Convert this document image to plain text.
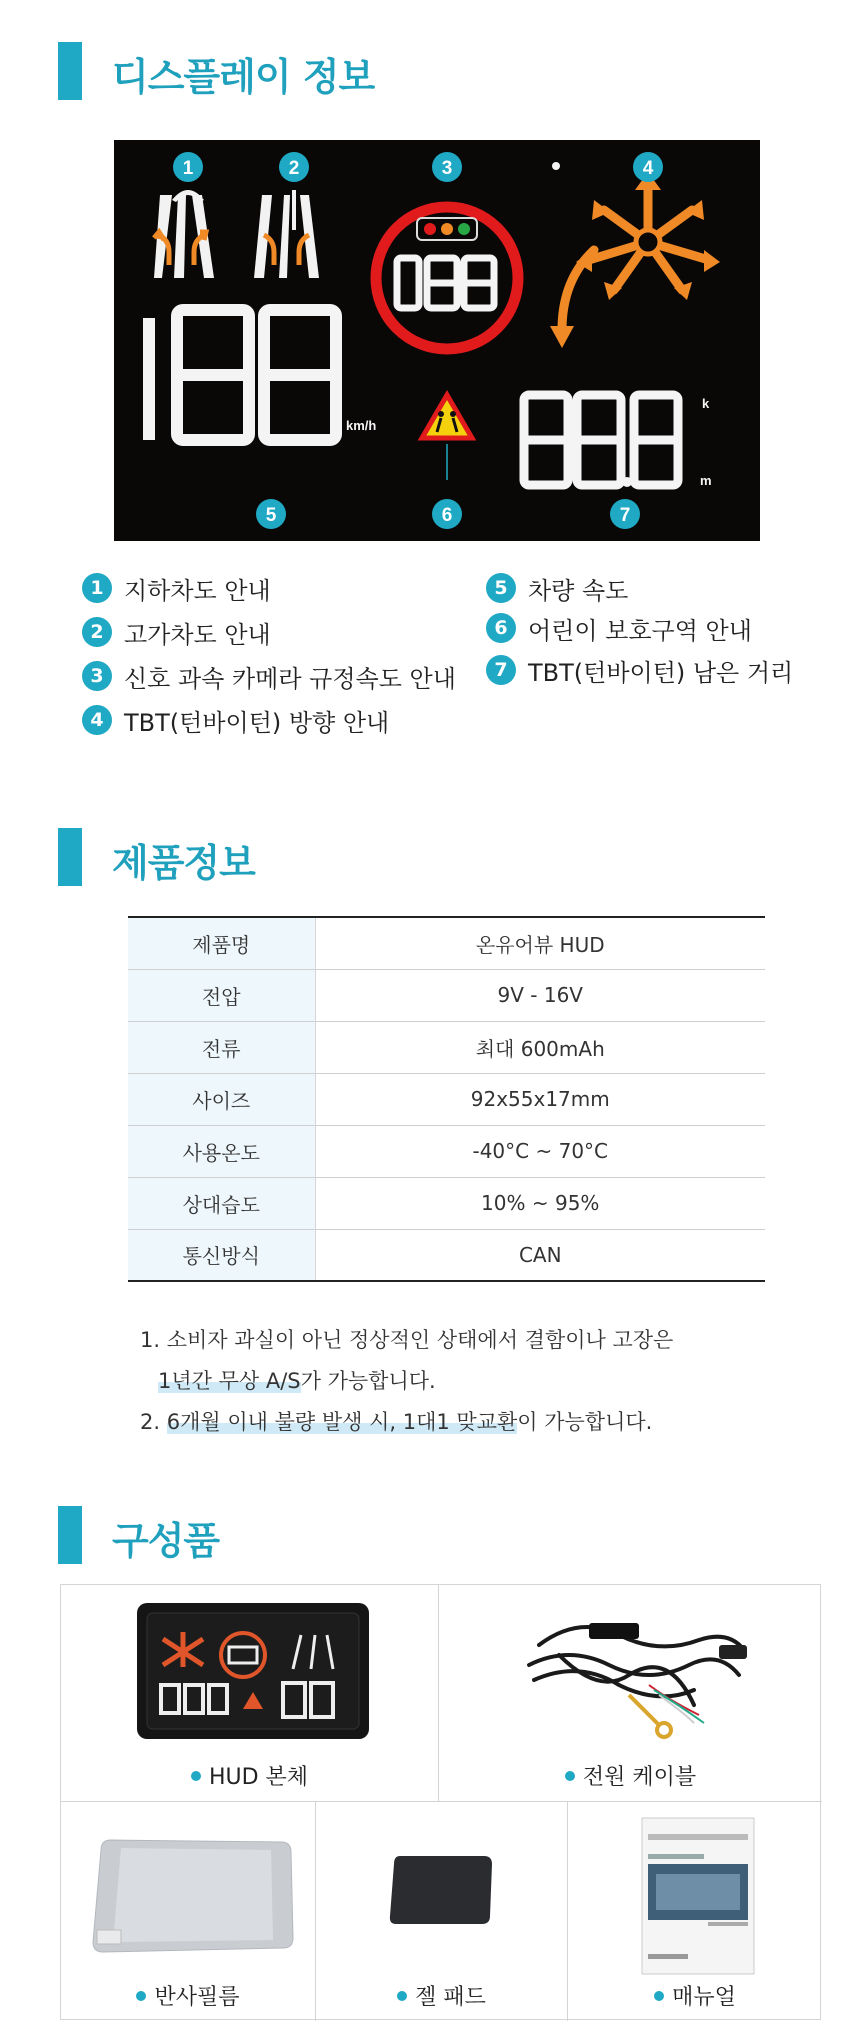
디스플레이 정보
km/h
k
m
1	2	3	4
5	6	7
1 지하차도 안내
2 고가차도 안내
3 신호 과속 카메라 규정속도 안내
4 TBT(턴바이턴) 방향 안내
5 차량 속도
6 어린이 보호구역 안내
7 TBT(턴바이턴) 남은 거리
제품정보
제품명	온유어뷰 HUD
전압	9V - 16V
전류	최대 600mAh
사이즈	92x55x17mm
사용온도	-40°C ~ 70°C
상대습도	10% ~ 95%
통신방식	CAN
1. 소비자 과실이 아닌 정상적인 상태에서 결함이나 고장은
1년간 무상 A/S가 가능합니다.
2. 6개월 이내 불량 발생 시, 1대1 맞교환이 가능합니다.
구성품
HUD 본체	전원 케이블
반사필름	젤 패드	매뉴얼
